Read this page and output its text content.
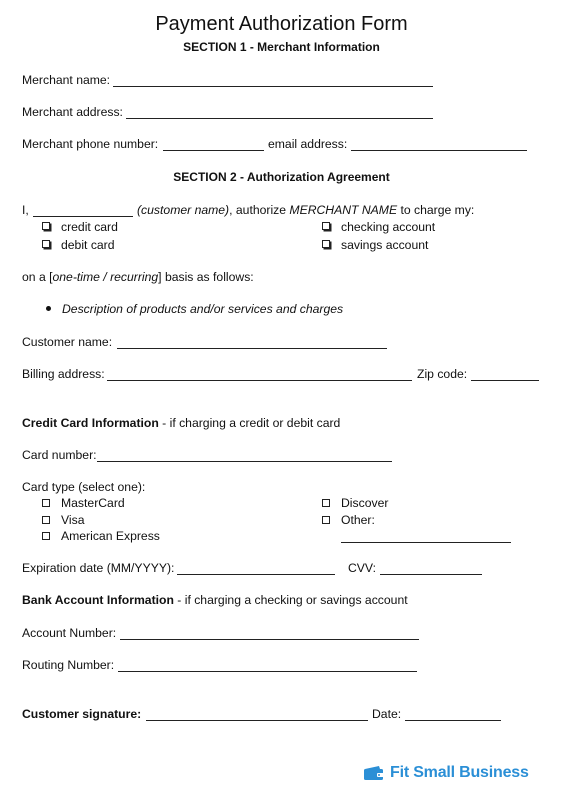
Payment Authorization Form
SECTION 1 - Merchant Information
Merchant name:
Merchant address:
Merchant phone number:	email address:
SECTION 2 - Authorization Agreement
I,	(customer name), authorize MERCHANT NAME to charge my:
credit card
debit card
checking account
savings account
on a [one-time / recurring] basis as follows:
Description of products and/or services and charges
Customer name:
Billing address:	Zip code:
Credit Card Information - if charging a credit or debit card
Card number:
Card type (select one):
MasterCard
Visa
American Express
Discover
Other:
Expiration date (MM/YYYY):	CVV:
Bank Account Information - if charging a checking or savings account
Account Number:
Routing Number:
Customer signature:	Date:
Fit Small Business
